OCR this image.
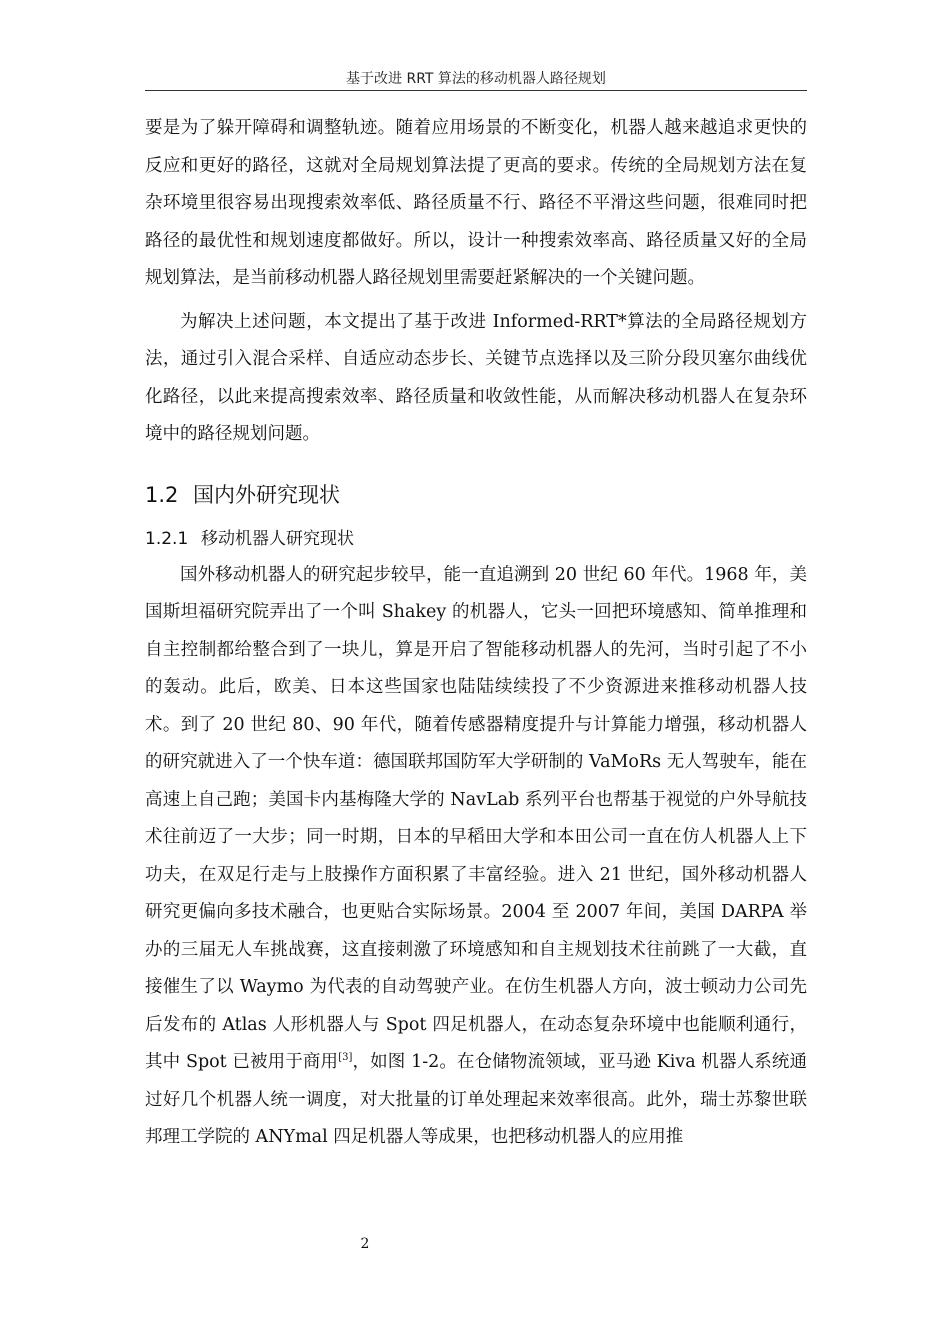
基于改进 RRT 算法的移动机器人路径规划

要是为了躲开障碍和调整轨迹。随着应用场景的不断变化，机器人越来越追求更快的反应和更好的路径，这就对全局规划算法提了更高的要求。传统的全局规划方法在复杂环境里很容易出现搜索效率低、路径质量不行、路径不平滑这些问题，很难同时把路径的最优性和规划速度都做好。所以，设计一种搜索效率高、路径质量又好的全局规划算法，是当前移动机器人路径规划里需要赶紧解决的一个关键问题。

为解决上述问题，本文提出了基于改进 Informed-RRT*算法的全局路径规划方法，通过引入混合采样、自适应动态步长、关键节点选择以及三阶分段贝塞尔曲线优化路径，以此来提高搜索效率、路径质量和收敛性能，从而解决移动机器人在复杂环境中的路径规划问题。

1.2 国内外研究现状
1.2.1 移动机器人研究现状

国外移动机器人的研究起步较早，能一直追溯到 20 世纪 60 年代。1968 年，美国斯坦福研究院弄出了一个叫 Shakey 的机器人，它头一回把环境感知、简单推理和自主控制都给整合到了一块儿，算是开启了智能移动机器人的先河，当时引起了不小的轰动。此后，欧美、日本这些国家也陆陆续续投了不少资源进来推移动机器人技术。到了 20 世纪 80、90 年代，随着传感器精度提升与计算能力增强，移动机器人的研究就进入了一个快车道：德国联邦国防军大学研制的 VaMoRs 无人驾驶车，能在高速上自己跑；美国卡内基梅隆大学的 NavLab 系列平台也帮基于视觉的户外导航技术往前迈了一大步；同一时期，日本的早稻田大学和本田公司一直在仿人机器人上下功夫，在双足行走与上肢操作方面积累了丰富经验。进入 21 世纪，国外移动机器人研究更偏向多技术融合，也更贴合实际场景。2004 至 2007 年间，美国 DARPA 举办的三届无人车挑战赛，这直接刺激了环境感知和自主规划技术往前跳了一大截，直接催生了以 Waymo 为代表的自动驾驶产业。在仿生机器人方向，波士顿动力公司先后发布的 Atlas 人形机器人与 Spot 四足机器人，在动态复杂环境中也能顺利通行，其中 Spot 已被用于商用[3]，如图 1-2。在仓储物流领域，亚马逊 Kiva 机器人系统通过好几个机器人统一调度，对大批量的订单处理起来效率很高。此外，瑞士苏黎世联邦理工学院的 ANYmal 四足机器人等成果，也把移动机器人的应用推

2
